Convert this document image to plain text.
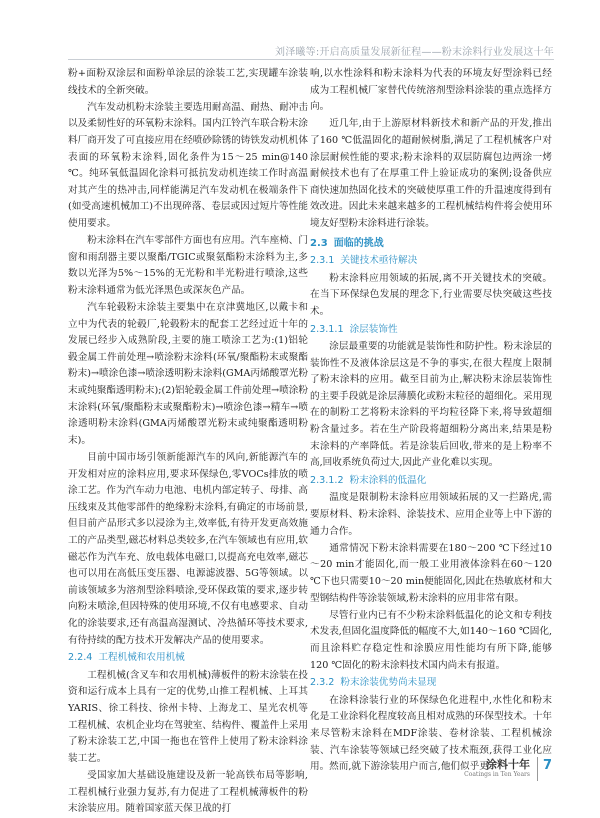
刘泽曦等:开启高质量发展新征程——粉末涂料行业发展这十年

粉+面粉双涂层和面粉单涂层的涂装工艺,实现罐车涂装线技术的全新突破。

汽车发动机粉末涂装主要选用耐高温、耐热、耐冲击以及柔韧性好的环氧粉末涂料。国内江铃汽车联合粉末涂料厂商开发了可直接应用在经喷砂除锈的铸铁发动机机体表面的环氧粉末涂料,固化条件为15～25 min@140 ℃。纯环氧低温固化涂料可抵抗发动机连续工作时高温对其产生的热冲击,同样能满足汽车发动机在极端条件下(如受高速机械加工)不出现碎落、卷层或因过短片等性能使用要求。

粉末涂料在汽车零部件方面也有应用。汽车座椅、门窗和雨刮器主要以聚酯/TGIC或聚氨酯粉末涂料为主,多数以光泽为5%～15%的无光粉和半光粉进行喷涂,这些粉末涂料通常为低光泽黑色或深灰色产品。

汽车轮毂粉末涂装主要集中在京津冀地区,以戴卡和立中为代表的轮毂厂,轮毂粉末的配套工艺经过近十年的发展已经步入成熟阶段,主要的施工喷涂工艺为:(1)铝轮毂金属工件前处理→喷涂粉末涂料(环氧/聚酯粉末或聚酯粉末)→喷涂色漆→喷涂透明粉末涂料(GMA丙烯酸罩光粉末或纯聚酯透明粉末);(2)铝轮毂金属工件前处理→喷涂粉末涂料(环氧/聚酯粉末或聚酯粉末)→喷涂色漆→精车→喷涂透明粉末涂料(GMA丙烯酸罩光粉末或纯聚酯透明粉末)。

目前中国市场引领新能源汽车的风向,新能源汽车的开发相对应的涂料应用,要求环保绿色,零VOCs排放的喷涂工艺。作为汽车动力电池、电机内部定转子、母排、高压线束及其他零部件的绝缘粉末涂料,有确定的市场前景,但目前产品形式多以浸涂为主,效率低,有待开发更高效施工的产品类型,磁芯材料总类较多,在汽车领域也有应用,软磁芯作为汽车充、放电载体电磁口,以提高充电效率,磁芯也可以用在高低压变压器、电源滤波器、5G等领域。以前该领域多为溶剂型涂料喷涂,受环保政策的要求,逐步转向粉末喷涂,但因特殊的使用环境,不仅有电感要求、自动化的涂装要求,还有高温高湿测试、冷热循环等技术要求,有待持续的配方技术开发解决产品的使用要求。

2.2.4 工程机械和农用机械

工程机械(含叉车和农用机械)薄板件的粉末涂装在投资和运行成本上具有一定的优势,山推工程机械、上耳其YARIS、徐工科技、徐州卡特、上海龙工、星光农机等工程机械、农机企业均在驾驶室、结构件、覆盖件上采用了粉末涂装工艺,中国一拖也在管件上使用了粉末涂料涂装工艺。

受国家加大基础设施建设及新一轮高铁布局等影响,工程机械行业强力复苏,有力促进了工程机械薄板件的粉末涂装应用。随着国家蓝天保卫战的打

响,以水性涂料和粉末涂料为代表的环境友好型涂料已经成为工程机械厂家替代传统溶剂型涂料涂装的重点选择方向。

近几年,由于上游原材料新技术和新产品的开发,推出了160 ℃低温固化的超耐候树脂,满足了工程机械客户对涂层耐候性能的要求;粉末涂料的双层防腐包边两涂一烤耐候技术也有了在厚重工件上验证成功的案例;设备供应商快速加热固化技术的突破使厚重工件的升温速度得到有效改进。因此未来越来越多的工程机械结构件将会使用环境友好型粉末涂料进行涂装。

2.3 面临的挑战
2.3.1 关键技术亟待解决

粉末涂料应用领域的拓展,离不开关键技术的突破。在当下环保绿色发展的理念下,行业需要尽快突破这些技术。

2.3.1.1 涂层装饰性

涂层最重要的功能就是装饰性和防护性。粉末涂层的装饰性不及液体涂层这是不争的事实,在很大程度上限制了粉末涂料的应用。截至目前为止,解决粉末涂层装饰性的主要手段就是涂层薄膜化或粉末粒径的超细化。采用现在的制粉工艺将粉末涂料的平均粒径降下来,将导致超细粉含量过多。若在生产阶段将超细粉分离出来,结果是粉末涂料的产率降低。若是涂装后回收,带来的是上粉率不高,回收系统负荷过大,因此产业化难以实现。

2.3.1.2 粉末涂料的低温化

温度是限制粉末涂料应用领域拓展的又一拦路虎,需要原材料、粉末涂料、涂装技术、应用企业等上中下游的通力合作。

通常情况下粉末涂料需要在180～200 ℃下经过10～20 min才能固化,而一般工业用液体涂料在60～120 ℃下也只需要10～20 min便能固化,因此在热敏底材和大型钢结构件等涂装领域,粉末涂料的应用非常有限。

尽管行业内已有不少粉末涂料低温化的论文和专利技术发表,但固化温度降低的幅度不大,如140～160 ℃固化,而且涂料贮存稳定性和涂膜应用性能均有所下降,能够120 ℃固化的粉末涂料技术国内尚未有报道。

2.3.2 粉末涂装优势尚未显现

在涂料涂装行业的环保绿色化进程中,水性化和粉末化是工业涂料化程度较高且相对成熟的环保型技术。十年来尽管粉末涂料在MDF涂装、卷材涂装、工程机械涂装、汽车涂装等领域已经突破了技术瓶颈,获得工业化应用。然而,就下游涂装用户而言,他们似乎更

涂料十年
Coatings in Ten Years
7
